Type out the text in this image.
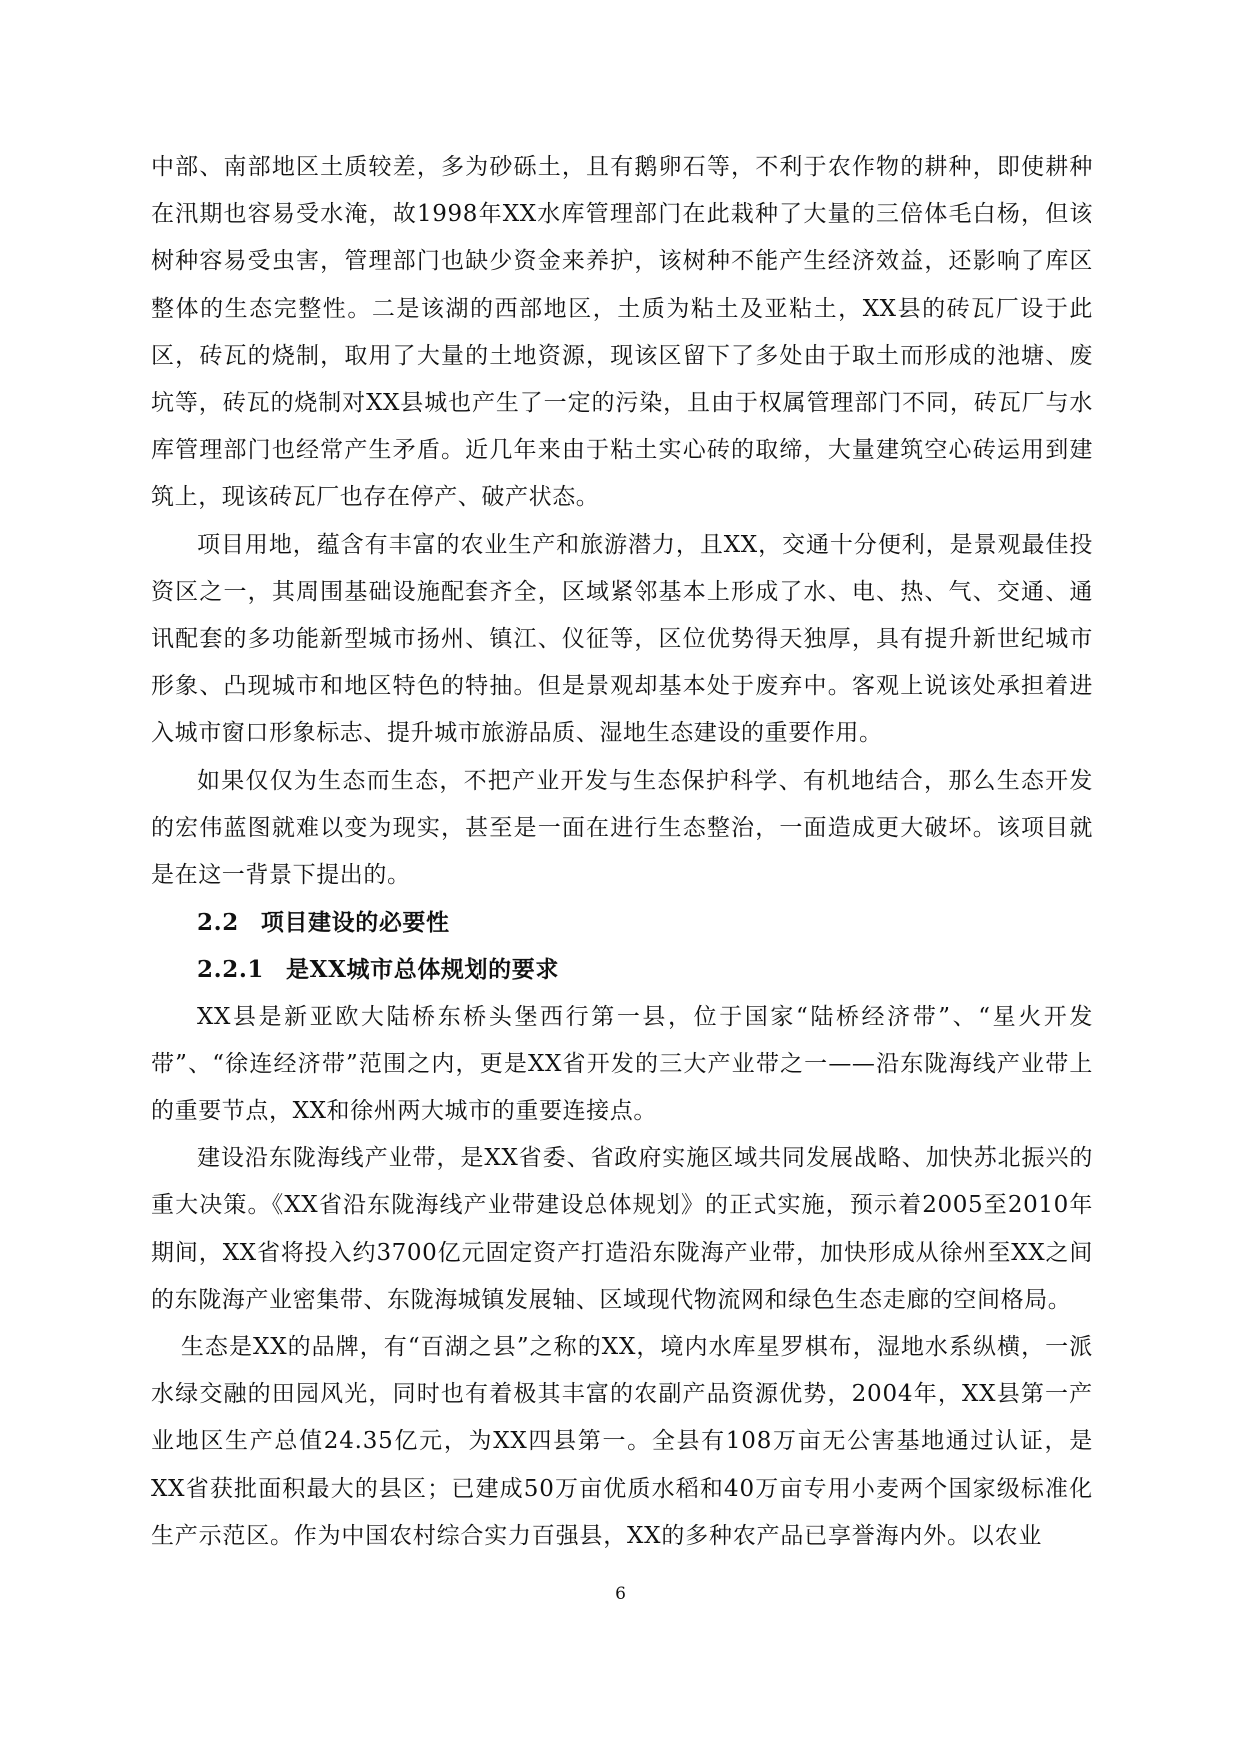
中部、南部地区土质较差，多为砂砾土，且有鹅卵石等，不利于农作物的耕种，即使耕种在汛期也容易受水淹，故1998年XX水库管理部门在此栽种了大量的三倍体毛白杨，但该树种容易受虫害，管理部门也缺少资金来养护，该树种不能产生经济效益，还影响了库区整体的生态完整性。二是该湖的西部地区，土质为粘土及亚粘土，XX县的砖瓦厂设于此区，砖瓦的烧制，取用了大量的土地资源，现该区留下了多处由于取土而形成的池塘、废坑等，砖瓦的烧制对XX县城也产生了一定的污染，且由于权属管理部门不同，砖瓦厂与水库管理部门也经常产生矛盾。近几年来由于粘土实心砖的取缔，大量建筑空心砖运用到建筑上，现该砖瓦厂也存在停产、破产状态。

项目用地，蕴含有丰富的农业生产和旅游潜力，且XX，交通十分便利，是景观最佳投资区之一，其周围基础设施配套齐全，区域紧邻基本上形成了水、电、热、气、交通、通讯配套的多功能新型城市扬州、镇江、仪征等，区位优势得天独厚，具有提升新世纪城市形象、凸现城市和地区特色的特抽。但是景观却基本处于废弃中。客观上说该处承担着进入城市窗口形象标志、提升城市旅游品质、湿地生态建设的重要作用。

如果仅仅为生态而生态，不把产业开发与生态保护科学、有机地结合，那么生态开发的宏伟蓝图就难以变为现实，甚至是一面在进行生态整治，一面造成更大破坏。该项目就是在这一背景下提出的。

2.2 项目建设的必要性

2.2.1 是XX城市总体规划的要求

XX县是新亚欧大陆桥东桥头堡西行第一县，位于国家“陆桥经济带”、“星火开发带”、“徐连经济带”范围之内，更是XX省开发的三大产业带之一——沿东陇海线产业带上的重要节点，XX和徐州两大城市的重要连接点。

建设沿东陇海线产业带，是XX省委、省政府实施区域共同发展战略、加快苏北振兴的重大决策。《XX省沿东陇海线产业带建设总体规划》的正式实施，预示着2005至2010年期间，XX省将投入约3700亿元固定资产打造沿东陇海产业带，加快形成从徐州至XX之间的东陇海产业密集带、东陇海城镇发展轴、区域现代物流网和绿色生态走廊的空间格局。

生态是XX的品牌，有“百湖之县”之称的XX，境内水库星罗棋布，湿地水系纵横，一派水绿交融的田园风光，同时也有着极其丰富的农副产品资源优势，2004年，XX县第一产业地区生产总值24.35亿元，为XX四县第一。全县有108万亩无公害基地通过认证，是XX省获批面积最大的县区；已建成50万亩优质水稻和40万亩专用小麦两个国家级标准化生产示范区。作为中国农村综合实力百强县，XX的多种农产品已享誉海内外。以农业

6
